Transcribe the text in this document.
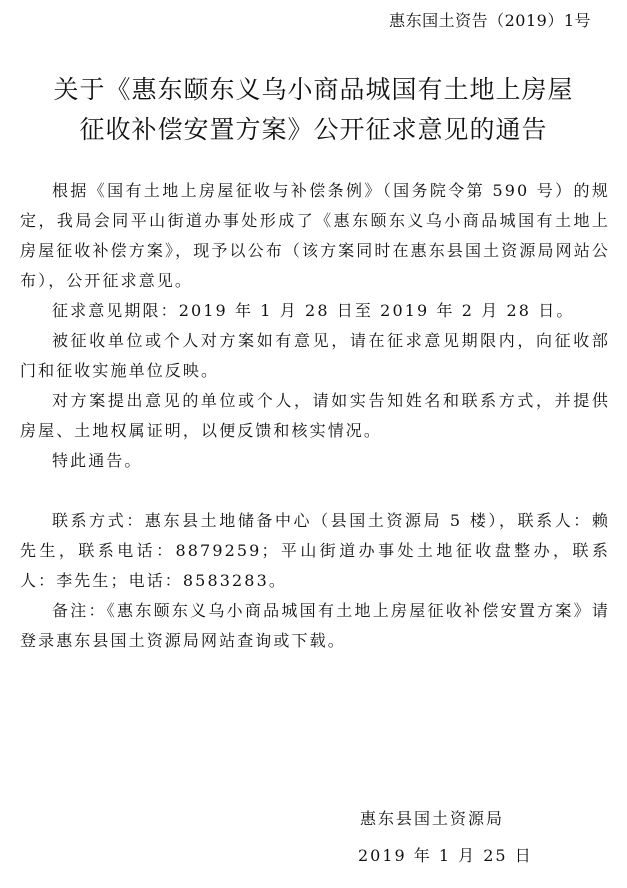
惠东国土资告（2019）1号
关于《惠东颐东义乌小商品城国有土地上房屋
征收补偿安置方案》公开征求意见的通告

根据《国有土地上房屋征收与补偿条例》（国务院令第 590 号）的规定，我局会同平山街道办事处形成了《惠东颐东义乌小商品城国有土地上房屋征收补偿方案》，现予以公布（该方案同时在惠东县国土资源局网站公布），公开征求意见。

征求意见期限：2019 年 1 月 28 日至 2019 年 2 月 28 日。

被征收单位或个人对方案如有意见，请在征求意见期限内，向征收部门和征收实施单位反映。

对方案提出意见的单位或个人，请如实告知姓名和联系方式，并提供房屋、土地权属证明，以便反馈和核实情况。

特此通告。

联系方式：惠东县土地储备中心（县国土资源局 5 楼），联系人：赖先生，联系电话：8879259；平山街道办事处土地征收盘整办，联系人：李先生；电话：8583283。

备注：《惠东颐东义乌小商品城国有土地上房屋征收补偿安置方案》请登录惠东县国土资源局网站查询或下载。

惠东县国土资源局
2019 年 1 月 25 日
